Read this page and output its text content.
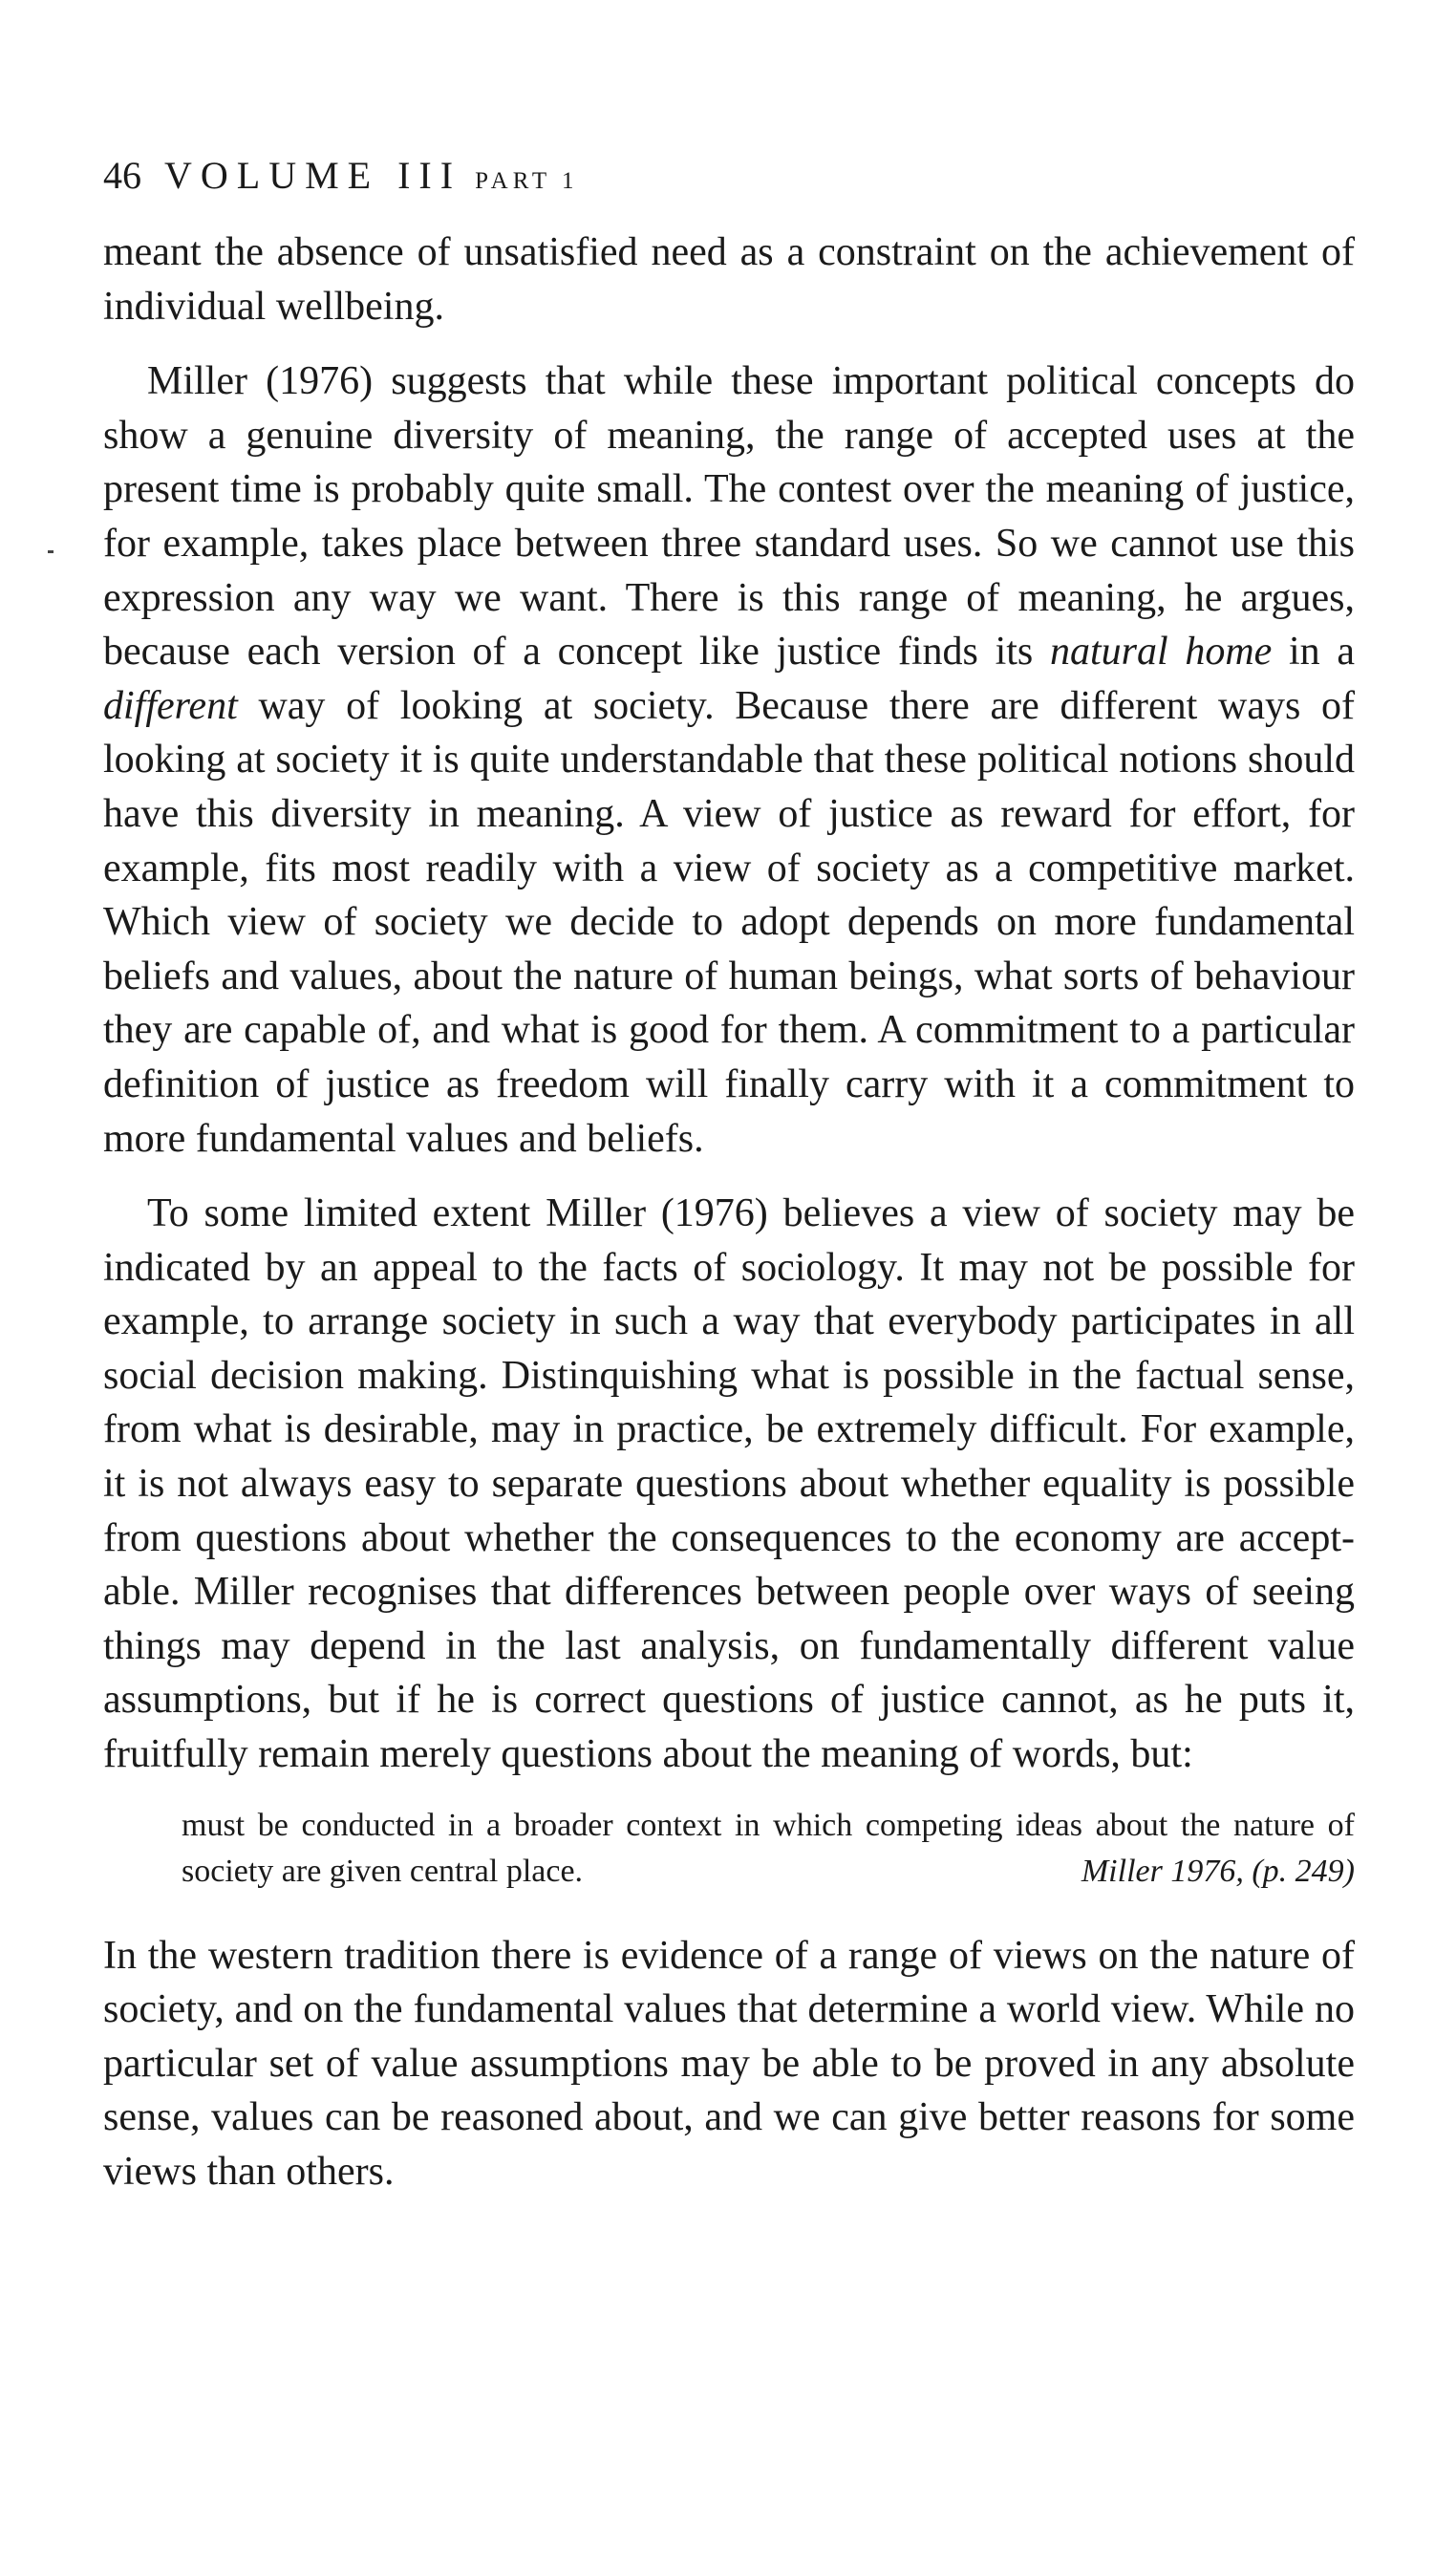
46 VOLUME III PART 1

meant the absence of unsatisfied need as a constraint on the achievement of individual wellbeing.

Miller (1976) suggests that while these important political concepts do show a genuine diversity of meaning, the range of accepted uses at the present time is probably quite small. The contest over the meaning of justice, for example, takes place between three standard uses. So we cannot use this expression any way we want. There is this range of meaning, he argues, because each version of a concept like justice finds its natural home in a different way of looking at society. Because there are different ways of looking at society it is quite understandable that these political notions should have this diversity in meaning. A view of justice as reward for effort, for example, fits most readily with a view of society as a competitive market. Which view of society we decide to adopt depends on more fundamental beliefs and values, about the nature of human beings, what sorts of behaviour they are capable of, and what is good for them. A commitment to a particular definition of justice as freedom will finally carry with it a commitment to more fundamental values and beliefs.

To some limited extent Miller (1976) believes a view of society may be indicated by an appeal to the facts of sociology. It may not be possible for example, to arrange society in such a way that everybody participates in all social decision making. Distinquishing what is possible in the factual sense, from what is desirable, may in practice, be extremely difficult. For example, it is not always easy to separate questions about whether equality is possible from questions about whether the consequences to the economy are acceptable. Miller recognises that differences between people over ways of seeing things may depend in the last analysis, on fundamentally different value assumptions, but if he is correct questions of justice cannot, as he puts it, fruitfully remain merely questions about the meaning of words, but:

must be conducted in a broader context in which competing ideas about the nature of society are given central place.	Miller 1976, (p. 249)

In the western tradition there is evidence of a range of views on the nature of society, and on the fundamental values that determine a world view. While no particular set of value assumptions may be able to be proved in any absolute sense, values can be reasoned about, and we can give better reasons for some views than others.
